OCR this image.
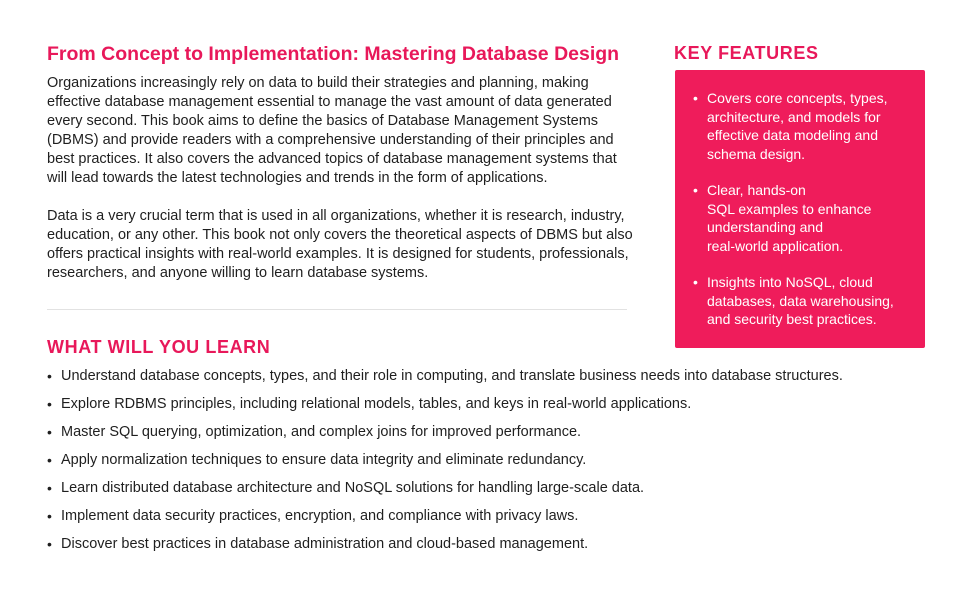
From Concept to Implementation: Mastering Database Design

Organizations increasingly rely on data to build their strategies and planning, making effective database management essential to manage the vast amount of data generated every second. This book aims to define the basics of Database Management Systems (DBMS) and provide readers with a comprehensive understanding of their principles and best practices. It also covers the advanced topics of database management systems that will lead towards the latest technologies and trends in the form of applications.

Data is a very crucial term that is used in all organizations, whether it is research, industry, education, or any other. This book not only covers the theoretical aspects of DBMS but also offers practical insights with real-world examples. It is designed for students, professionals, researchers, and anyone willing to learn database systems.

WHAT WILL YOU LEARN
• Understand database concepts, types, and their role in computing, and translate business needs into database structures.
• Explore RDBMS principles, including relational models, tables, and keys in real-world applications.
• Master SQL querying, optimization, and complex joins for improved performance.
• Apply normalization techniques to ensure data integrity and eliminate redundancy.
• Learn distributed database architecture and NoSQL solutions for handling large-scale data.
• Implement data security practices, encryption, and compliance with privacy laws.
• Discover best practices in database administration and cloud-based management.
KEY FEATURES
• Covers core concepts, types,
architecture, and models for
effective data modeling and
schema design.
• Clear, hands-on
SQL examples to enhance
understanding and
real-world application.
• Insights into NoSQL, cloud
databases, data warehousing,
and security best practices.
